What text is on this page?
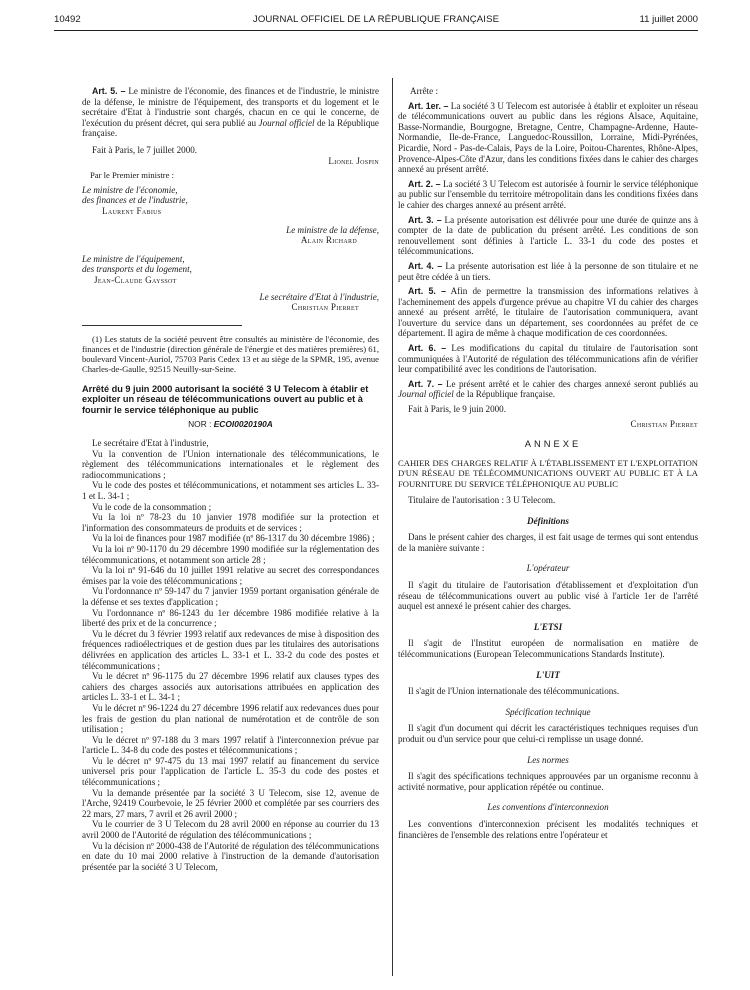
10492	JOURNAL OFFICIEL DE LA RÉPUBLIQUE FRANÇAISE	11 juillet 2000

Art. 5. – Le ministre de l'économie, des finances et de l'industrie, le ministre de la défense, le ministre de l'équipement, des transports et du logement et le secrétaire d'Etat à l'industrie sont chargés, chacun en ce qui le concerne, de l'exécution du présent décret, qui sera publié au Journal officiel de la République française.

Fait à Paris, le 7 juillet 2000.

Lionel Jospin

Par le Premier ministre :

Le ministre de l'économie,

des finances et de l'industrie,

Laurent Fabius

Le ministre de la défense,

Alain Richard

Le ministre de l'équipement,

des transports et du logement,

Jean-Claude Gayssot

Le secrétaire d'Etat à l'industrie,

Christian Pierret

(1) Les statuts de la société peuvent être consultés au ministère de l'économie, des finances et de l'industrie (direction générale de l'énergie et des matières premières) 61, boulevard Vincent-Auriol, 75703 Paris Cedex 13 et au siège de la SPMR, 195, avenue Charles-de-Gaulle, 92515 Neuilly-sur-Seine.

Arrêté du 9 juin 2000 autorisant la société 3 U Telecom à établir et exploiter un réseau de télécommunications ouvert au public et à fournir le service téléphonique au public

NOR : ECOI0020190A

Le secrétaire d'Etat à l'industrie,

Vu la convention de l'Union internationale des télécommunications, le règlement des télécommunications internationales et le règlement des radiocommunications ;

Vu le code des postes et télécommunications, et notamment ses articles L. 33-1 et L. 34-1 ;

Vu le code de la consommation ;

Vu la loi nº 78-23 du 10 janvier 1978 modifiée sur la protection et l'information des consommateurs de produits et de services ;

Vu la loi de finances pour 1987 modifiée (nº 86-1317 du 30 décembre 1986) ;

Vu la loi nº 90-1170 du 29 décembre 1990 modifiée sur la réglementation des télécommunications, et notamment son article 28 ;

Vu la loi nº 91-646 du 10 juillet 1991 relative au secret des correspondances émises par la voie des télécommunications ;

Vu l'ordonnance nº 59-147 du 7 janvier 1959 portant organisation générale de la défense et ses textes d'application ;

Vu l'ordonnance nº 86-1243 du 1er décembre 1986 modifiée relative à la liberté des prix et de la concurrence ;

Vu le décret du 3 février 1993 relatif aux redevances de mise à disposition des fréquences radioélectriques et de gestion dues par les titulaires des autorisations délivrées en application des articles L. 33-1 et L. 33-2 du code des postes et télécommunications ;

Vu le décret nº 96-1175 du 27 décembre 1996 relatif aux clauses types des cahiers des charges associés aux autorisations attribuées en application des articles L. 33-1 et L. 34-1 ;

Vu le décret nº 96-1224 du 27 décembre 1996 relatif aux redevances dues pour les frais de gestion du plan national de numérotation et de contrôle de son utilisation ;

Vu le décret nº 97-188 du 3 mars 1997 relatif à l'interconnexion prévue par l'article L. 34-8 du code des postes et télécommunications ;

Vu le décret nº 97-475 du 13 mai 1997 relatif au financement du service universel pris pour l'application de l'article L. 35-3 du code des postes et télécommunications ;

Vu la demande présentée par la société 3 U Telecom, sise 12, avenue de l'Arche, 92419 Courbevoie, le 25 février 2000 et complétée par ses courriers des 22 mars, 27 mars, 7 avril et 26 avril 2000 ;

Vu le courrier de 3 U Telecom du 28 avril 2000 en réponse au courrier du 13 avril 2000 de l'Autorité de régulation des télécommunications ;

Vu la décision nº 2000-438 de l'Autorité de régulation des télécommunications en date du 10 mai 2000 relative à l'instruction de la demande d'autorisation présentée par la société 3 U Telecom,

Arrête :

Art. 1er. – La société 3 U Telecom est autorisée à établir et exploiter un réseau de télécommunications ouvert au public dans les régions Alsace, Aquitaine, Basse-Normandie, Bourgogne, Bretagne, Centre, Champagne-Ardenne, Haute-Normandie, Ile-de-France, Languedoc-Roussillon, Lorraine, Midi-Pyrénées, Picardie, Nord - Pas-de-Calais, Pays de la Loire, Poitou-Charentes, Rhône-Alpes, Provence-Alpes-Côte d'Azur, dans les conditions fixées dans le cahier des charges annexé au présent arrêté.

Art. 2. – La société 3 U Telecom est autorisée à fournir le service téléphonique au public sur l'ensemble du territoire métropolitain dans les conditions fixées dans le cahier des charges annexé au présent arrêté.

Art. 3. – La présente autorisation est délivrée pour une durée de quinze ans à compter de la date de publication du présent arrêté. Les conditions de son renouvellement sont définies à l'article L. 33-1 du code des postes et télécommunications.

Art. 4. – La présente autorisation est liée à la personne de son titulaire et ne peut être cédée à un tiers.

Art. 5. – Afin de permettre la transmission des informations relatives à l'acheminement des appels d'urgence prévue au chapitre VI du cahier des charges annexé au présent arrêté, le titulaire de l'autorisation communiquera, avant l'ouverture du service dans un département, ses coordonnées au préfet de ce département. Il agira de même à chaque modification de ces coordonnées.

Art. 6. – Les modifications du capital du titulaire de l'autorisation sont communiquées à l'Autorité de régulation des télécommunications afin de vérifier leur compatibilité avec les conditions de l'autorisation.

Art. 7. – Le présent arrêté et le cahier des charges annexé seront publiés au Journal officiel de la République française.

Fait à Paris, le 9 juin 2000.

Christian Pierret

ANNEXE

CAHIER DES CHARGES RELATIF À L'ÉTABLISSEMENT ET L'EXPLOITATION D'UN RÉSEAU DE TÉLÉCOMMUNICATIONS OUVERT AU PUBLIC ET À LA FOURNITURE DU SERVICE TÉLÉPHONIQUE AU PUBLIC

Titulaire de l'autorisation : 3 U Telecom.

Définitions

Dans le présent cahier des charges, il est fait usage de termes qui sont entendus de la manière suivante :

L'opérateur

Il s'agit du titulaire de l'autorisation d'établissement et d'exploitation d'un réseau de télécommunications ouvert au public visé à l'article 1er de l'arrêté auquel est annexé le présent cahier des charges.

L'ETSI

Il s'agit de l'Institut européen de normalisation en matière de télécommunications (European Telecommunications Standards Institute).

L'UIT

Il s'agit de l'Union internationale des télécommunications.

Spécification technique

Il s'agit d'un document qui décrit les caractéristiques techniques requises d'un produit ou d'un service pour que celui-ci remplisse un usage donné.

Les normes

Il s'agit des spécifications techniques approuvées par un organisme reconnu à activité normative, pour application répétée ou continue.

Les conventions d'interconnexion

Les conventions d'interconnexion précisent les modalités techniques et financières de l'ensemble des relations entre l'opérateur et
